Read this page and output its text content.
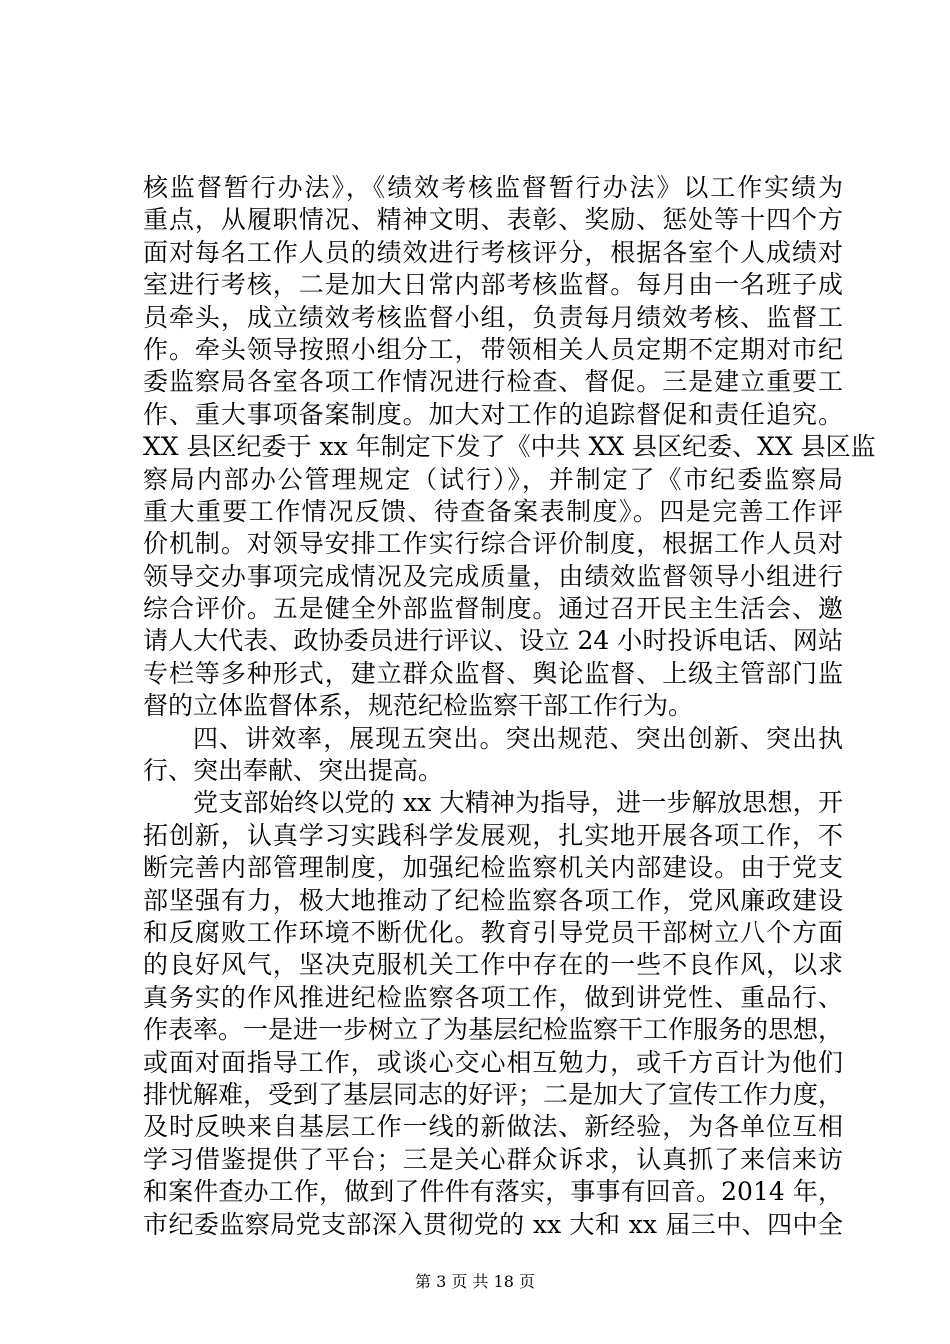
核监督暂行办法》，《绩效考核监督暂行办法》以工作实绩为
重点，从履职情况、精神文明、表彰、奖励、惩处等十四个方
面对每名工作人员的绩效进行考核评分，根据各室个人成绩对
室进行考核，二是加大日常内部考核监督。每月由一名班子成
员牵头，成立绩效考核监督小组，负责每月绩效考核、监督工
作。牵头领导按照小组分工，带领相关人员定期不定期对市纪
委监察局各室各项工作情况进行检查、督促。三是建立重要工
作、重大事项备案制度。加大对工作的追踪督促和责任追究。
XX 县区纪委于 xx 年制定下发了《中共 XX 县区纪委、XX 县区监
察局内部办公管理规定（试行）》，并制定了《市纪委监察局
重大重要工作情况反馈、待查备案表制度》。四是完善工作评
价机制。对领导安排工作实行综合评价制度，根据工作人员对
领导交办事项完成情况及完成质量，由绩效监督领导小组进行
综合评价。五是健全外部监督制度。通过召开民主生活会、邀
请人大代表、政协委员进行评议、设立 24 小时投诉电话、网站
专栏等多种形式，建立群众监督、舆论监督、上级主管部门监
督的立体监督体系，规范纪检监察干部工作行为。
四、讲效率，展现五突出。突出规范、突出创新、突出执
行、突出奉献、突出提高。
党支部始终以党的 xx 大精神为指导，进一步解放思想，开
拓创新，认真学习实践科学发展观，扎实地开展各项工作，不
断完善内部管理制度，加强纪检监察机关内部建设。由于党支
部坚强有力，极大地推动了纪检监察各项工作，党风廉政建设
和反腐败工作环境不断优化。教育引导党员干部树立八个方面
的良好风气，坚决克服机关工作中存在的一些不良作风，以求
真务实的作风推进纪检监察各项工作，做到讲党性、重品行、
作表率。一是进一步树立了为基层纪检监察干工作服务的思想，
或面对面指导工作，或谈心交心相互勉力，或千方百计为他们
排忧解难，受到了基层同志的好评；二是加大了宣传工作力度，
及时反映来自基层工作一线的新做法、新经验，为各单位互相
学习借鉴提供了平台；三是关心群众诉求，认真抓了来信来访
和案件查办工作，做到了件件有落实，事事有回音。2014 年，
市纪委监察局党支部深入贯彻党的 xx 大和 xx 届三中、四中全
第 3 页 共 18 页
